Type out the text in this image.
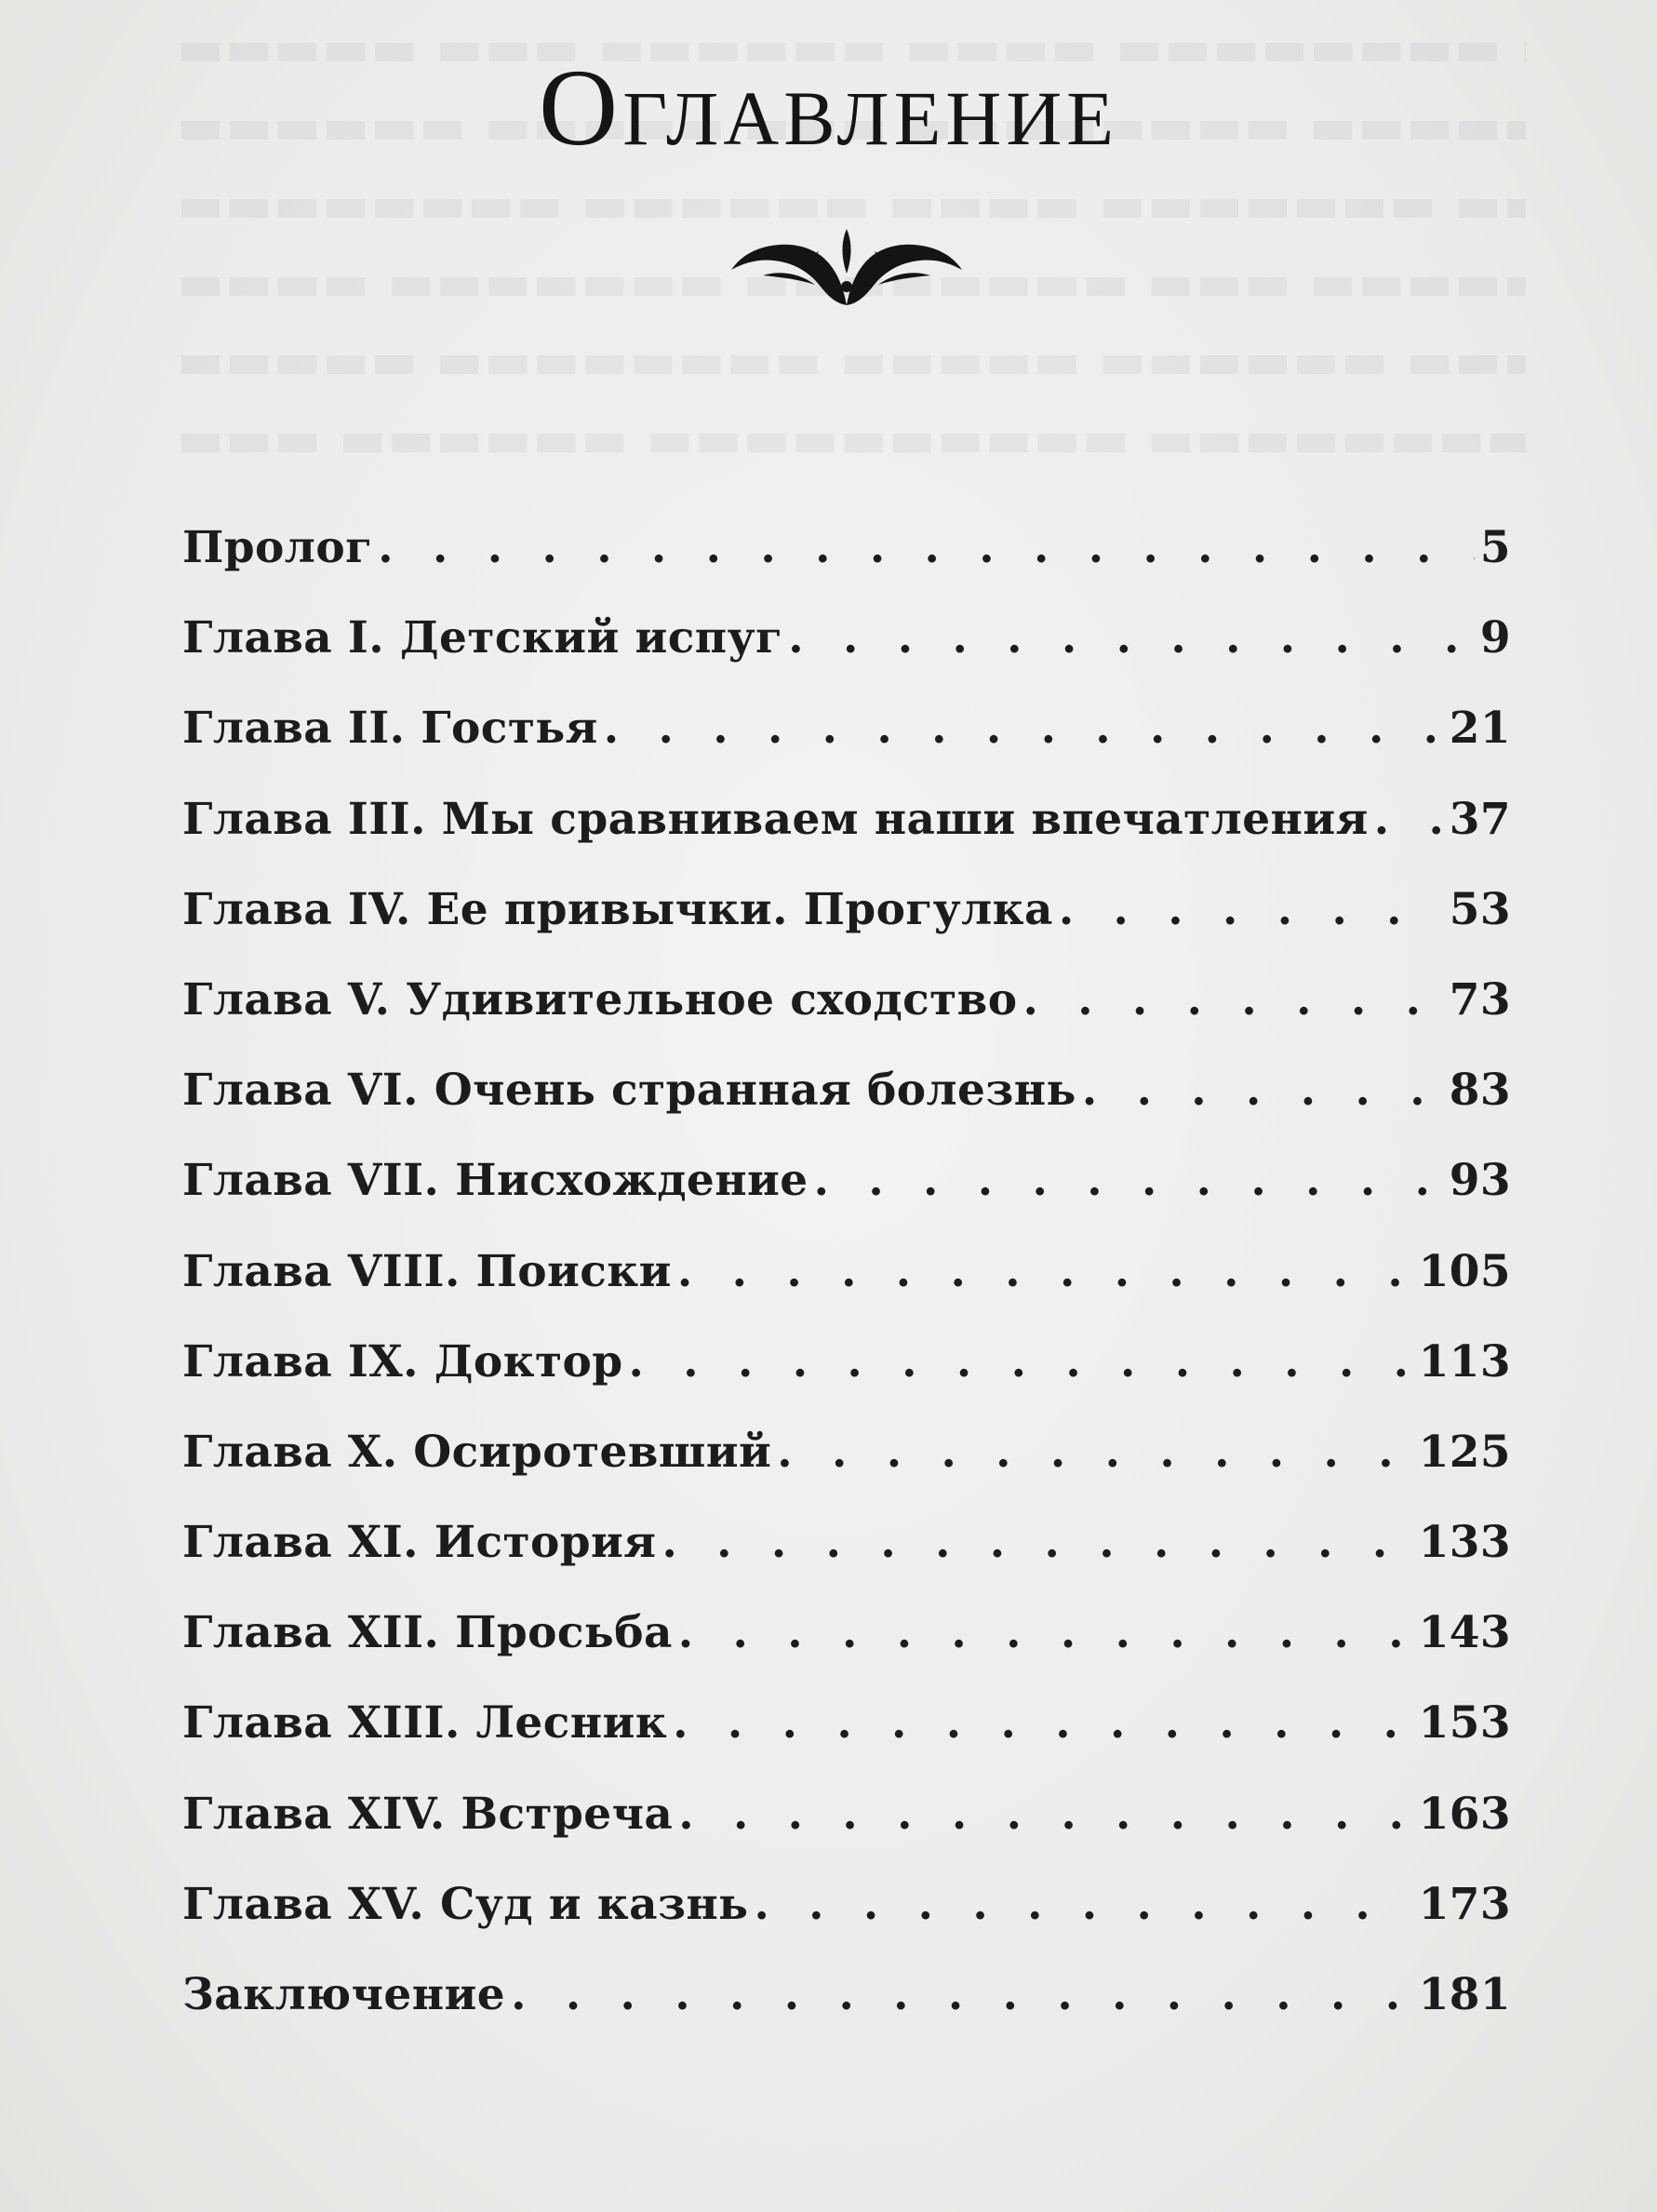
Оглавление
Пролог . . .	5
Глава I. Детский испуг . . .	9
Глава II. Гостья . . .	21
Глава III. Мы сравниваем наши впечатления . . . 37
Глава IV. Ее привычки. Прогулка . . .	53
Глава V. Удивительное сходство . . .	73
Глава VI. Очень странная болезнь . . .	83
Глава VII. Нисхождение . . .	93
Глава VIII. Поиски . . .	105
Глава IX. Доктор . . .	113
Глава X. Осиротевший . . .	125
Глава XI. История . . .	133
Глава XII. Просьба . . .	143
Глава XIII. Лесник . . .	153
Глава XIV. Встреча . . .	163
Глава XV. Суд и казнь . . .	173
Заключение . . .	181
